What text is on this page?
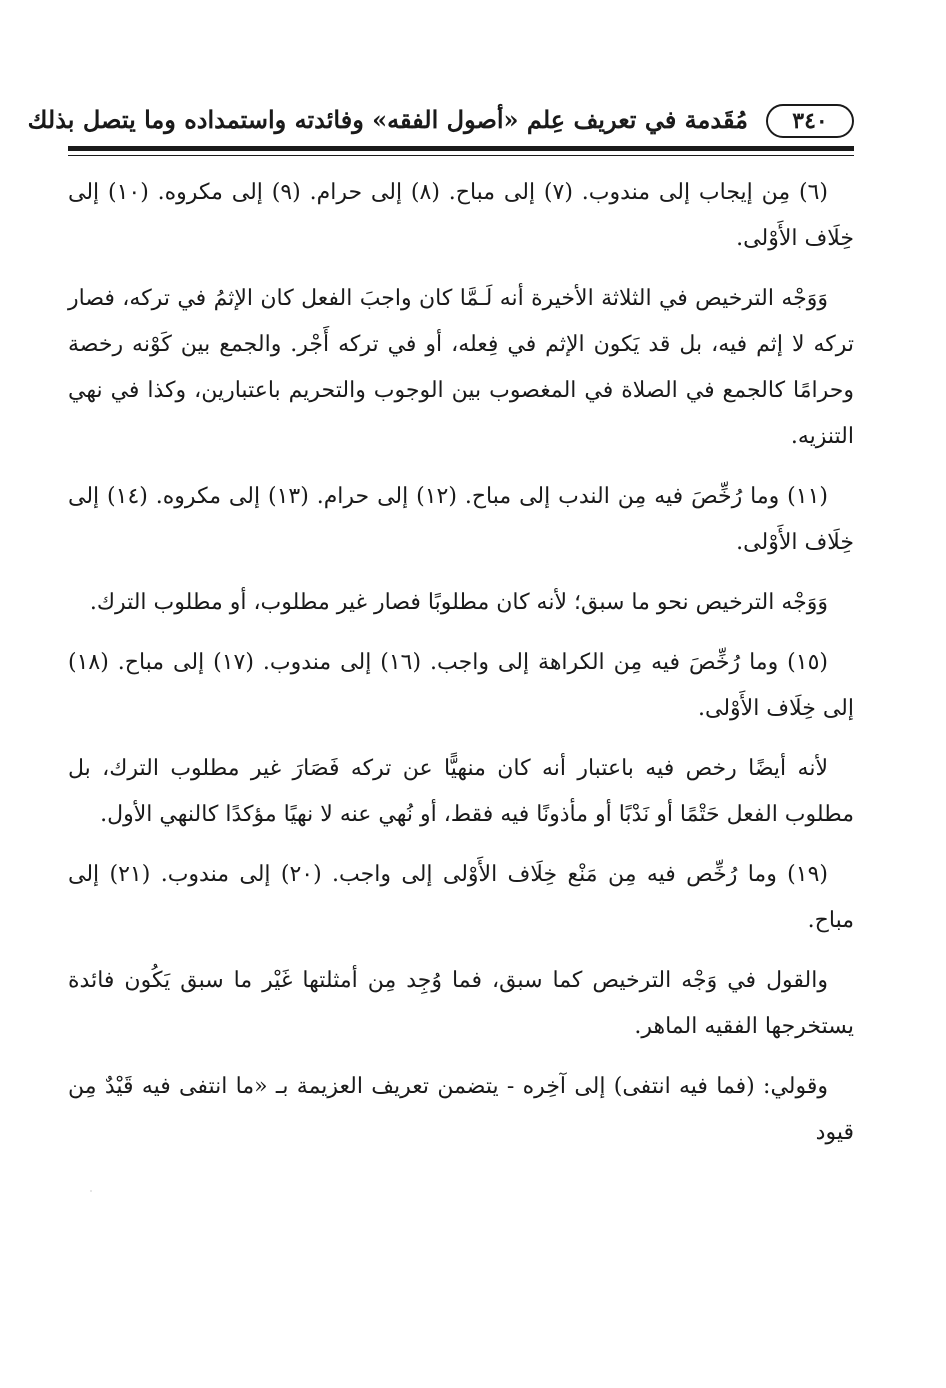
٣٤٠
مُقَدمة في تعريف عِلم «أصول الفقه» وفائدته واستمداده وما يتصل بذلك

(٦) مِن إيجاب إلى مندوب. (٧) إلى مباح. (٨) إلى حرام. (٩) إلى مكروه. (١٠) إلى خِلَاف الأَوْلى.

وَوَجْه الترخيص في الثلاثة الأخيرة أنه لَـمَّا كان واجبَ الفعل كان الإثمُ في تركه، فصار تركه لا إثم فيه، بل قد يَكون الإثم في فِعله، أو في تركه أَجْر. والجمع بين كَوْنه رخصة وحرامًا كالجمع في الصلاة في المغصوب بين الوجوب والتحريم باعتبارين، وكذا في نهي التنزيه.

(١١) وما رُخِّصَ فيه مِن الندب إلى مباح. (١٢) إلى حرام. (١٣) إلى مكروه. (١٤) إلى خِلَاف الأَوْلى.

وَوَجْه الترخيص نحو ما سبق؛ لأنه كان مطلوبًا فصار غير مطلوب، أو مطلوب الترك.

(١٥) وما رُخِّصَ فيه مِن الكراهة إلى واجب. (١٦) إلى مندوب. (١٧) إلى مباح. (١٨) إلى خِلَاف الأَوْلى.

لأنه أيضًا رخص فيه باعتبار أنه كان منهيًّا عن تركه فَصَارَ غير مطلوب الترك، بل مطلوب الفعل حَتْمًا أو نَدْبًا أو مأذونًا فيه فقط، أو نُهي عنه لا نهيًا مؤكدًا كالنهي الأول.

(١٩) وما رُخِّص فيه مِن مَنْع خِلَاف الأَوْلى إلى واجب. (٢٠) إلى مندوب. (٢١) إلى مباح.

والقول في وَجْه الترخيص كما سبق، فما وُجِد مِن أمثلتها غَيْر ما سبق يَكُون فائدة يستخرجها الفقيه الماهر.

وقولي: (فما فيه انتفى) إلى آخِره - يتضمن تعريف العزيمة بـ «ما انتفى فيه قَيْدٌ مِن قيود
